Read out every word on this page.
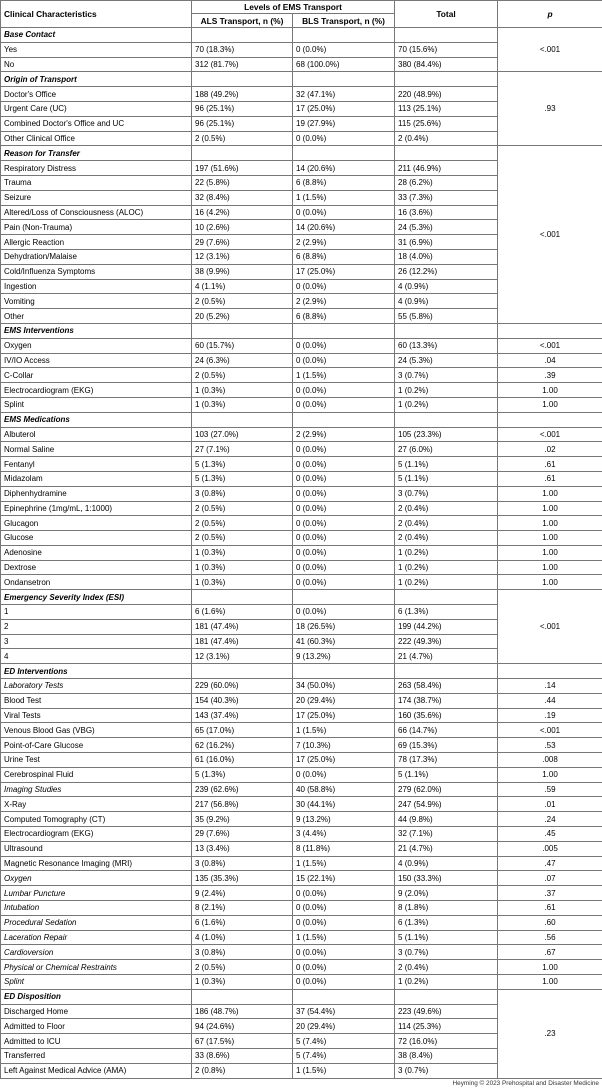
Clinical Characteristics	Levels of EMS Transport		Total	p
	ALS Transport, n (%)	BLS Transport, n (%)		
Base Contact				<.001
Yes	70 (18.3%)	0 (0.0%)	70 (15.6%)	
No	312 (81.7%)	68 (100.0%)	380 (84.4%)	
Origin of Transport				.93
Doctor's Office	188 (49.2%)	32 (47.1%)	220 (48.9%)	
Urgent Care (UC)	96 (25.1%)	17 (25.0%)	113 (25.1%)	
Combined Doctor's Office and UC	96 (25.1%)	19 (27.9%)	115 (25.6%)	
Other Clinical Office	2 (0.5%)	0 (0.0%)	2 (0.4%)	
Reason for Transfer				<.001
Respiratory Distress	197 (51.6%)	14 (20.6%)	211 (46.9%)	
Trauma	22 (5.8%)	6 (8.8%)	28 (6.2%)	
Seizure	32 (8.4%)	1 (1.5%)	33 (7.3%)	
Altered/Loss of Consciousness (ALOC)	16 (4.2%)	0 (0.0%)	16 (3.6%)	
Pain (Non-Trauma)	10 (2.6%)	14 (20.6%)	24 (5.3%)	
Allergic Reaction	29 (7.6%)	2 (2.9%)	31 (6.9%)	
Dehydration/Malaise	12 (3.1%)	6 (8.8%)	18 (4.0%)	
Cold/Influenza Symptoms	38 (9.9%)	17 (25.0%)	26 (12.2%)	
Ingestion	4 (1.1%)	0 (0.0%)	4 (0.9%)	
Vomiting	2 (0.5%)	2 (2.9%)	4 (0.9%)	
Other	20 (5.2%)	6 (8.8%)	55 (5.8%)	
EMS Interventions				
Oxygen	60 (15.7%)	0 (0.0%)	60 (13.3%)	<.001
IV/IO Access	24 (6.3%)	0 (0.0%)	24 (5.3%)	.04
C-Collar	2 (0.5%)	1 (1.5%)	3 (0.7%)	.39
Electrocardiogram (EKG)	1 (0.3%)	0 (0.0%)	1 (0.2%)	1.00
Splint	1 (0.3%)	0 (0.0%)	1 (0.2%)	1.00
EMS Medications				
Albuterol	103 (27.0%)	2 (2.9%)	105 (23.3%)	<.001
Normal Saline	27 (7.1%)	0 (0.0%)	27 (6.0%)	.02
Fentanyl	5 (1.3%)	0 (0.0%)	5 (1.1%)	.61
Midazolam	5 (1.3%)	0 (0.0%)	5 (1.1%)	.61
Diphenhydramine	3 (0.8%)	0 (0.0%)	3 (0.7%)	1.00
Epinephrine (1mg/mL, 1:1000)	2 (0.5%)	0 (0.0%)	2 (0.4%)	1.00
Glucagon	2 (0.5%)	0 (0.0%)	2 (0.4%)	1.00
Glucose	2 (0.5%)	0 (0.0%)	2 (0.4%)	1.00
Adenosine	1 (0.3%)	0 (0.0%)	1 (0.2%)	1.00
Dextrose	1 (0.3%)	0 (0.0%)	1 (0.2%)	1.00
Ondansetron	1 (0.3%)	0 (0.0%)	1 (0.2%)	1.00
Emergency Severity Index (ESI)				<.001
1	6 (1.6%)	0 (0.0%)	6 (1.3%)	
2	181 (47.4%)	18 (26.5%)	199 (44.2%)	
3	181 (47.4%)	41 (60.3%)	222 (49.3%)	
4	12 (3.1%)	9 (13.2%)	21 (4.7%)	
ED Interventions				
Laboratory Tests	229 (60.0%)	34 (50.0%)	263 (58.4%)	.14
Blood Test	154 (40.3%)	20 (29.4%)	174 (38.7%)	.44
Viral Tests	143 (37.4%)	17 (25.0%)	160 (35.6%)	.19
Venous Blood Gas (VBG)	65 (17.0%)	1 (1.5%)	66 (14.7%)	<.001
Point-of-Care Glucose	62 (16.2%)	7 (10.3%)	69 (15.3%)	.53
Urine Test	61 (16.0%)	17 (25.0%)	78 (17.3%)	.008
Cerebrospinal Fluid	5 (1.3%)	0 (0.0%)	5 (1.1%)	1.00
Imaging Studies	239 (62.6%)	40 (58.8%)	279 (62.0%)	.59
X-Ray	217 (56.8%)	30 (44.1%)	247 (54.9%)	.01
Computed Tomography (CT)	35 (9.2%)	9 (13.2%)	44 (9.8%)	.24
Electrocardiogram (EKG)	29 (7.6%)	3 (4.4%)	32 (7.1%)	.45
Ultrasound	13 (3.4%)	8 (11.8%)	21 (4.7%)	.005
Magnetic Resonance Imaging (MRI)	3 (0.8%)	1 (1.5%)	4 (0.9%)	.47
Oxygen	135 (35.3%)	15 (22.1%)	150 (33.3%)	.07
Lumbar Puncture	9 (2.4%)	0 (0.0%)	9 (2.0%)	.37
Intubation	8 (2.1%)	0 (0.0%)	8 (1.8%)	.61
Procedural Sedation	6 (1.6%)	0 (0.0%)	6 (1.3%)	.60
Laceration Repair	4 (1.0%)	1 (1.5%)	5 (1.1%)	.56
Cardioversion	3 (0.8%)	0 (0.0%)	3 (0.7%)	.67
Physical or Chemical Restraints	2 (0.5%)	0 (0.0%)	2 (0.4%)	1.00
Splint	1 (0.3%)	0 (0.0%)	1 (0.2%)	1.00
ED Disposition				.23
Discharged Home	186 (48.7%)	37 (54.4%)	223 (49.6%)	
Admitted to Floor	94 (24.6%)	20 (29.4%)	114 (25.3%)	
Admitted to ICU	67 (17.5%)	5 (7.4%)	72 (16.0%)	
Transferred	33 (8.6%)	5 (7.4%)	38 (8.4%)	
Left Against Medical Advice (AMA)	2 (0.8%)	1 (1.5%)	3 (0.7%)	
Heyming © 2023 Prehospital and Disaster Medicine
